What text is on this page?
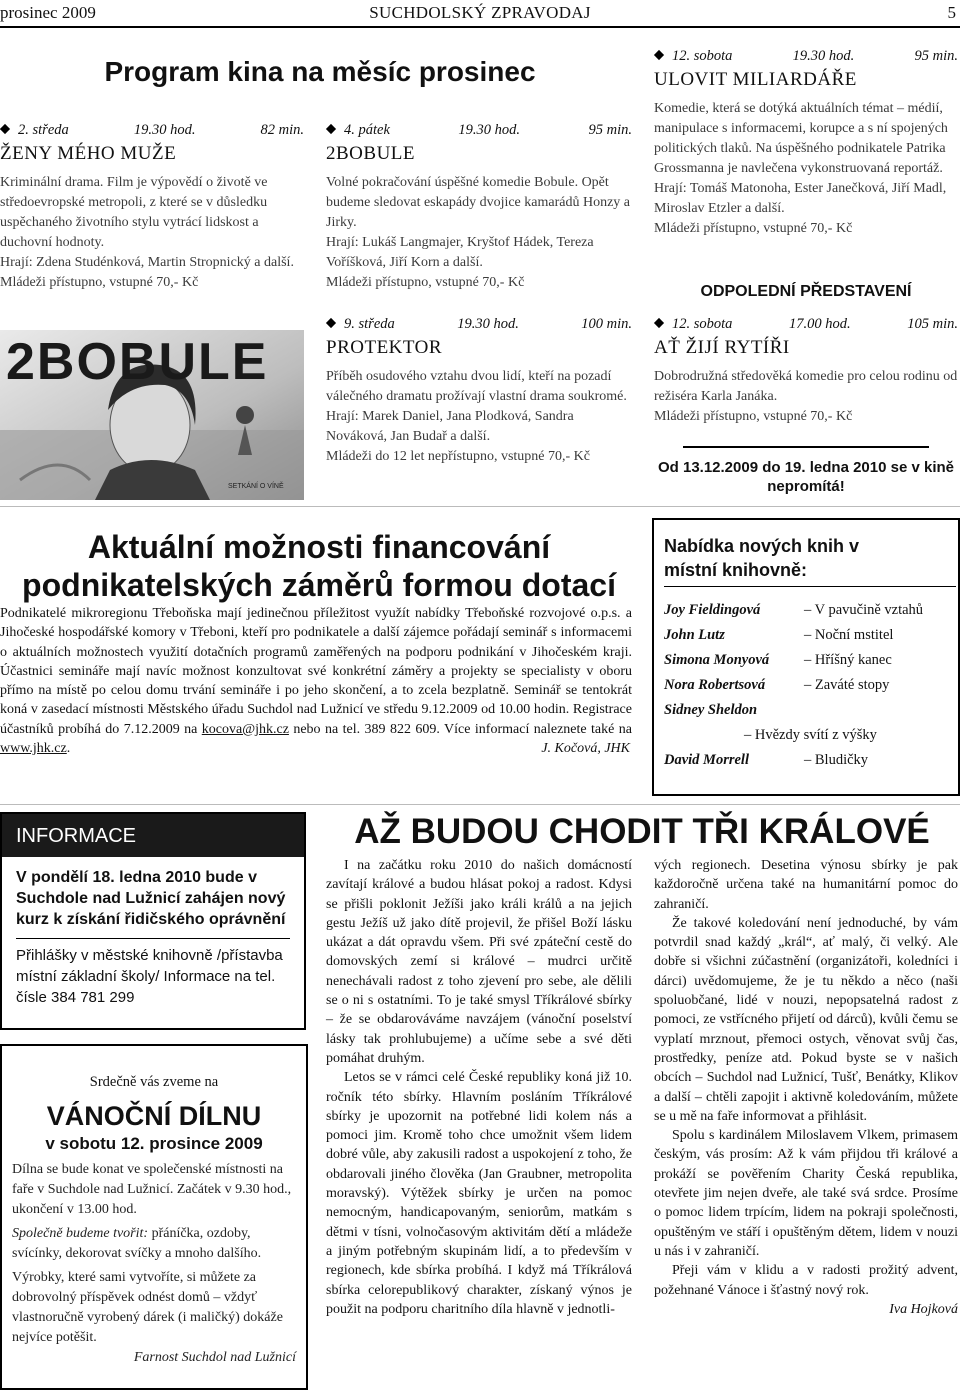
prosinec 2009	SUCHDOLSKÝ ZPRAVODAJ	5
Program kina na měsíc prosinec
2. středa	19.30 hod.	82 min.
ŽENY MÉHO MUŽE

Kriminální drama. Film je výpovědí o životě ve středoevropské metropoli, z které se v důsledku uspěchaného životního stylu vytrácí lidskost a duchovní hodnoty.

Hrají: Zdena Studénková, Martin Stropnický a další.

Mládeži přístupno, vstupné 70,- Kč

2BOBULE
SETKÁNÍ O VÍNĚ
4. pátek	19.30 hod.	95 min.
2BOBULE

Volné pokračování úspěšné komedie Bobule. Opět budeme sledovat eskapády dvojice kamarádů Honzy a Jirky.

Hrají: Lukáš Langmajer, Kryštof Hádek, Tereza Voříšková, Jiří Korn a další.

Mládeži přístupno, vstupné 70,- Kč

9. středa	19.30 hod.	100 min.
PROTEKTOR

Příběh osudového vztahu dvou lidí, kteří na pozadí válečného dramatu prožívají vlastní drama soukromé.

Hrají: Marek Daniel, Jana Plodková, Sandra Nováková, Jan Budař a další.

Mládeži do 12 let nepřístupno, vstupné 70,- Kč

12. sobota	19.30 hod.	95 min.
ULOVIT MILIARDÁŘE

Komedie, která se dotýká aktuálních témat – médií, manipulace s informacemi, korupce a s ní spojených politických tlaků. Na úspěšného podnikatele Patrika Grossmanna je navlečena vykonstruovaná reportáž.

Hrají: Tomáš Matonoha, Ester Janečková, Jiří Madl, Miroslav Etzler a další.

Mládeži přístupno, vstupné 70,- Kč

ODPOLEDNÍ PŘEDSTAVENÍ
12. sobota	17.00 hod.	105 min.
AŤ ŽIJÍ RYTÍŘI

Dobrodružná středověká komedie pro celou rodinu od režiséra Karla Janáka.

Mládeži přístupno, vstupné 70,- Kč

Od 13.12.2009 do 19. ledna 2010 se v kině nepromítá!
Aktuální možnosti financování podnikatelských záměrů formou dotací
Podnikatelé mikroregionu Třeboňska mají jedinečnou příležitost využít nabídky Třeboňské rozvojové o.p.s. a Jihočeské hospodářské komory v Třeboni, kteří pro podnikatele a další zájemce pořádají seminář s informacemi o aktuálních možnostech využití dotačních programů zaměřených na podporu podnikání v Jihočeském kraji. Účastnici semináře mají navíc možnost konzultovat své konkrétní záměry a projekty se specialisty v oboru přímo na místě po celou domu trvání semináře i po jeho skončení, a to zcela bezplatně. Seminář se tentokrát koná v zasedací místnosti Městského úřadu Suchdol nad Lužnicí ve středu 9.12.2009 od 10.00 hodin. Registrace účastníků probíhá do 7.12.2009 na kocova@jhk.cz nebo na tel. 389 822 609. Více informací naleznete také na www.jhk.cz.	J. Kočová, JHK
Nabídka nových knih v místní knihovně:
Joy Fieldingová	– V pavučině vztahů
John Lutz	– Noční mstitel
Simona Monyová	– Hříšný kanec
Nora Robertsová	– Zaváté stopy
Sidney Sheldon
– Hvězdy svítí z výšky
David Morrell	– Bludičky
INFORMACE
V pondělí 18. ledna 2010 bude v Suchdole nad Lužnicí zahájen nový kurz k získání řidičského oprávnění
Přihlášky v městské knihovně /přístavba místní základní školy/ Informace na tel. čísle 384 781 299
Srdečně vás zveme na
VÁNOČNÍ DÍLNU
v sobotu 12. prosince 2009

Dílna se bude konat ve společenské místnosti na faře v Suchdole nad Lužnicí. Začátek v 9.30 hod., ukončení v 13.00 hod.

Společně budeme tvořit: přáníčka, ozdoby, svícínky, dekorovat svíčky a mnoho dalšího.

Výrobky, které sami vytvoříte, si můžete za dobrovolný příspěvek odnést domů – vždyť vlastnoručně vyrobený dárek (i maličký) dokáže nejvíce potěšit.

Farnost Suchdol nad Lužnicí

AŽ BUDOU CHODIT TŘI KRÁLOVÉ

I na začátku roku 2010 do našich domácností zavítají králové a budou hlásat pokoj a radost. Kdysi se přišli poklonit Ježíši jako králi králů a na jejich gestu Ježíš už jako dítě projevil, že přišel Boží lásku ukázat a dát opravdu všem. Při své zpáteční cestě do domovských zemí si králové – mudrci určitě nenechávali radost z toho zjevení pro sebe, ale dělili se o ni s ostatními. To je také smysl Tříkrálové sbírky – že se obdarováváme navzájem (vánoční poselství lásky tak prohlubujeme) a učíme sebe a své děti pomáhat druhým.

Letos se v rámci celé České republiky koná již 10. ročník této sbírky. Hlavním posláním Tříkrálové sbírky je upozornit na potřebné lidi kolem nás a pomoci jim. Kromě toho chce umožnit všem lidem dobré vůle, aby zakusili radost a uspokojení z toho, že obdarovali jiného člověka (Jan Graubner, metropolita moravský). Výtěžek sbírky je určen na pomoc nemocným, handicapovaným, seniorům, matkám s dětmi v tísni, volnočasovým aktivitám dětí a mládeže a jiným potřebným skupinám lidí, a to především v regionech, kde sbírka probíhá. I když má Tříkrálová sbírka celorepublikový charakter, získaný výnos je použit na podporu charitního díla hlavně v jednotli-

vých regionech. Desetina výnosu sbírky je pak každoročně určena také na humanitární pomoc do zahraničí.

Že takové koledování není jednoduché, by vám potvrdil snad každý „král“, ať malý, či velký. Ale dobře si všichni zúčastnění (organizátoři, koledníci i dárci) uvědomujeme, že je tu někdo a něco (naši spoluobčané, lidé v nouzi, nepopsatelná radost z pomoci, ze vstřícného přijetí od dárců), kvůli čemu se vyplatí mrznout, přemoci ostych, věnovat svůj čas, prostředky, peníze atd. Pokud byste se v našich obcích – Suchdol nad Lužnicí, Tušť, Benátky, Klikov a další – chtěli zapojit i aktivně koledováním, můžete se u mě na faře informovat a přihlásit.

Spolu s kardinálem Miloslavem Vlkem, primasem českým, vás prosím: Až k vám přijdou tři králové a prokáží se pověřením Charity Česká republika, otevřete jim nejen dveře, ale také svá srdce. Prosíme o pomoc lidem trpícím, lidem na pokraji společnosti, opuštěným ve stáří i opuštěným dětem, lidem v nouzi u nás i v zahraničí.

Přeji vám v klidu a v radosti prožitý advent, požehnané Vánoce i šťastný nový rok.

Iva Hojková
